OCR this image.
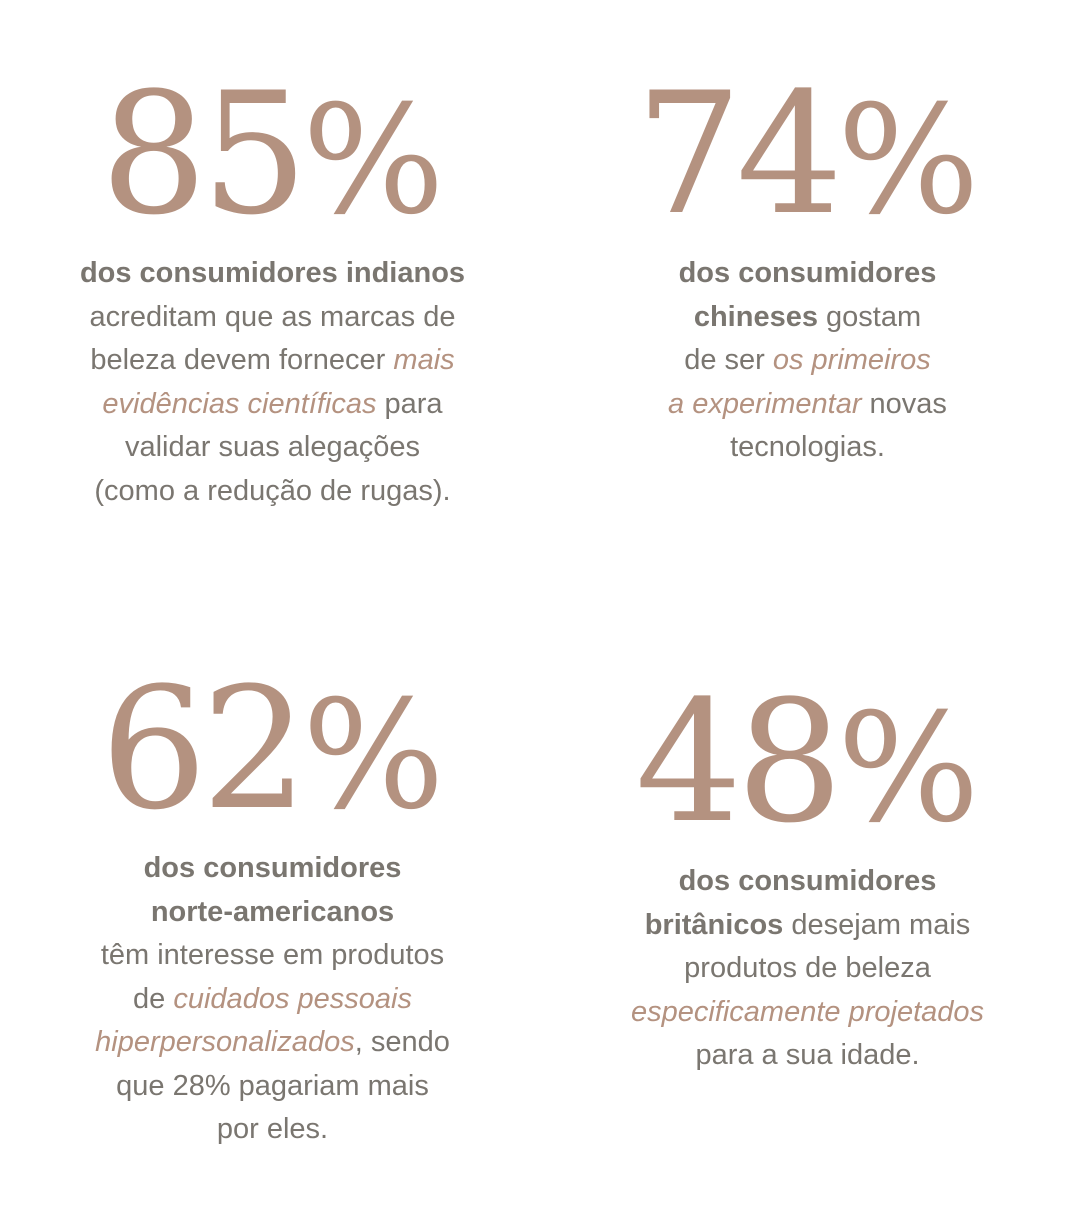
85%
dos consumidores indianos
acreditam que as marcas de
beleza devem fornecer mais
evidências científicas para
validar suas alegações
(como a redução de rugas).
74%
dos consumidores
chineses gostam
de ser os primeiros
a experimentar novas
tecnologias.
62%
dos consumidores
norte-americanos
têm interesse em produtos
de cuidados pessoais
hiperpersonalizados, sendo
que 28% pagariam mais
por eles.
48%
dos consumidores
britânicos desejam mais
produtos de beleza
especificamente projetados
para a sua idade.
